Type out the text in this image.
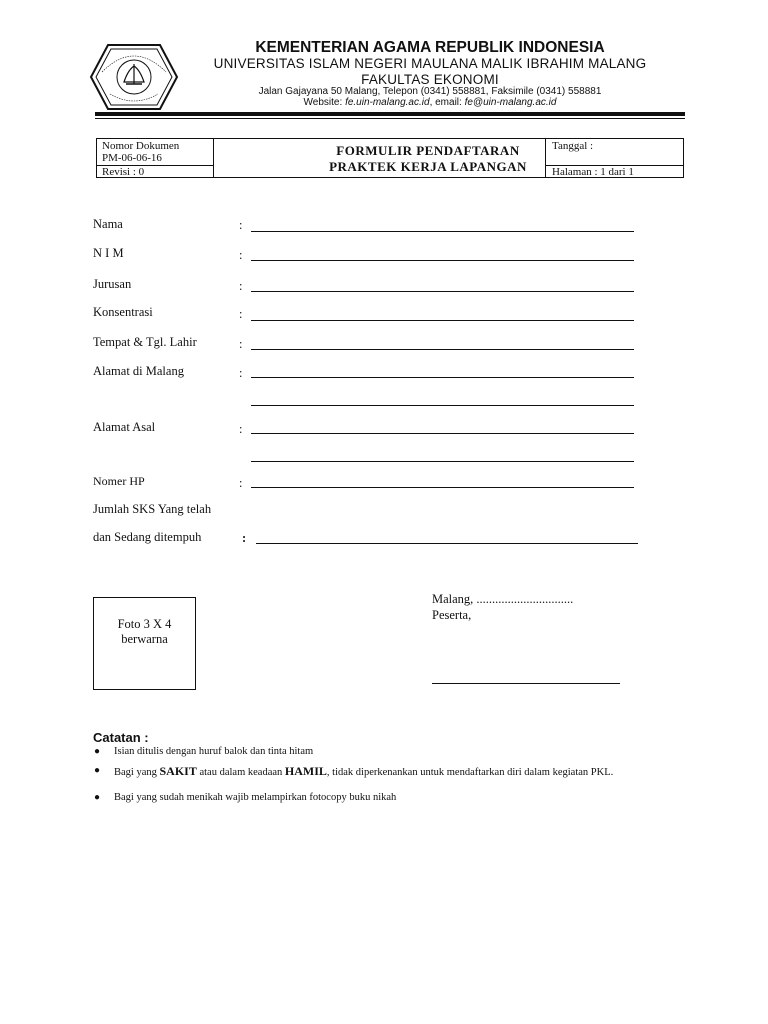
KEMENTERIAN AGAMA REPUBLIK INDONESIA
UNIVERSITAS ISLAM NEGERI MAULANA MALIK IBRAHIM MALANG
FAKULTAS EKONOMI
Jalan Gajayana 50 Malang, Telepon (0341) 558881, Faksimile (0341) 558881
Website: fe.uin-malang.ac.id, email: fe@uin-malang.ac.id
Nomor Dokumen
PM-06-06-16
Revisi : 0
FORMULIR PENDAFTARAN
PRAKTEK KERJA LAPANGAN
Tanggal :
Halaman : 1 dari 1
Nama	:
N I M	:
Jurusan	:
Konsentrasi	:
Tempat & Tgl. Lahir	:
Alamat di Malang	:
Alamat Asal	:
Nomer HP	:
Jumlah SKS Yang telah
dan Sedang ditempuh	:
Foto 3 X 4
berwarna
Malang, ...............................
Peserta,
Catatan :
● Isian ditulis dengan huruf balok dan tinta hitam
● Bagi yang SAKIT atau dalam keadaan HAMIL, tidak diperkenankan untuk mendaftarkan diri dalam kegiatan PKL.
● Bagi yang sudah menikah wajib melampirkan fotocopy buku nikah
